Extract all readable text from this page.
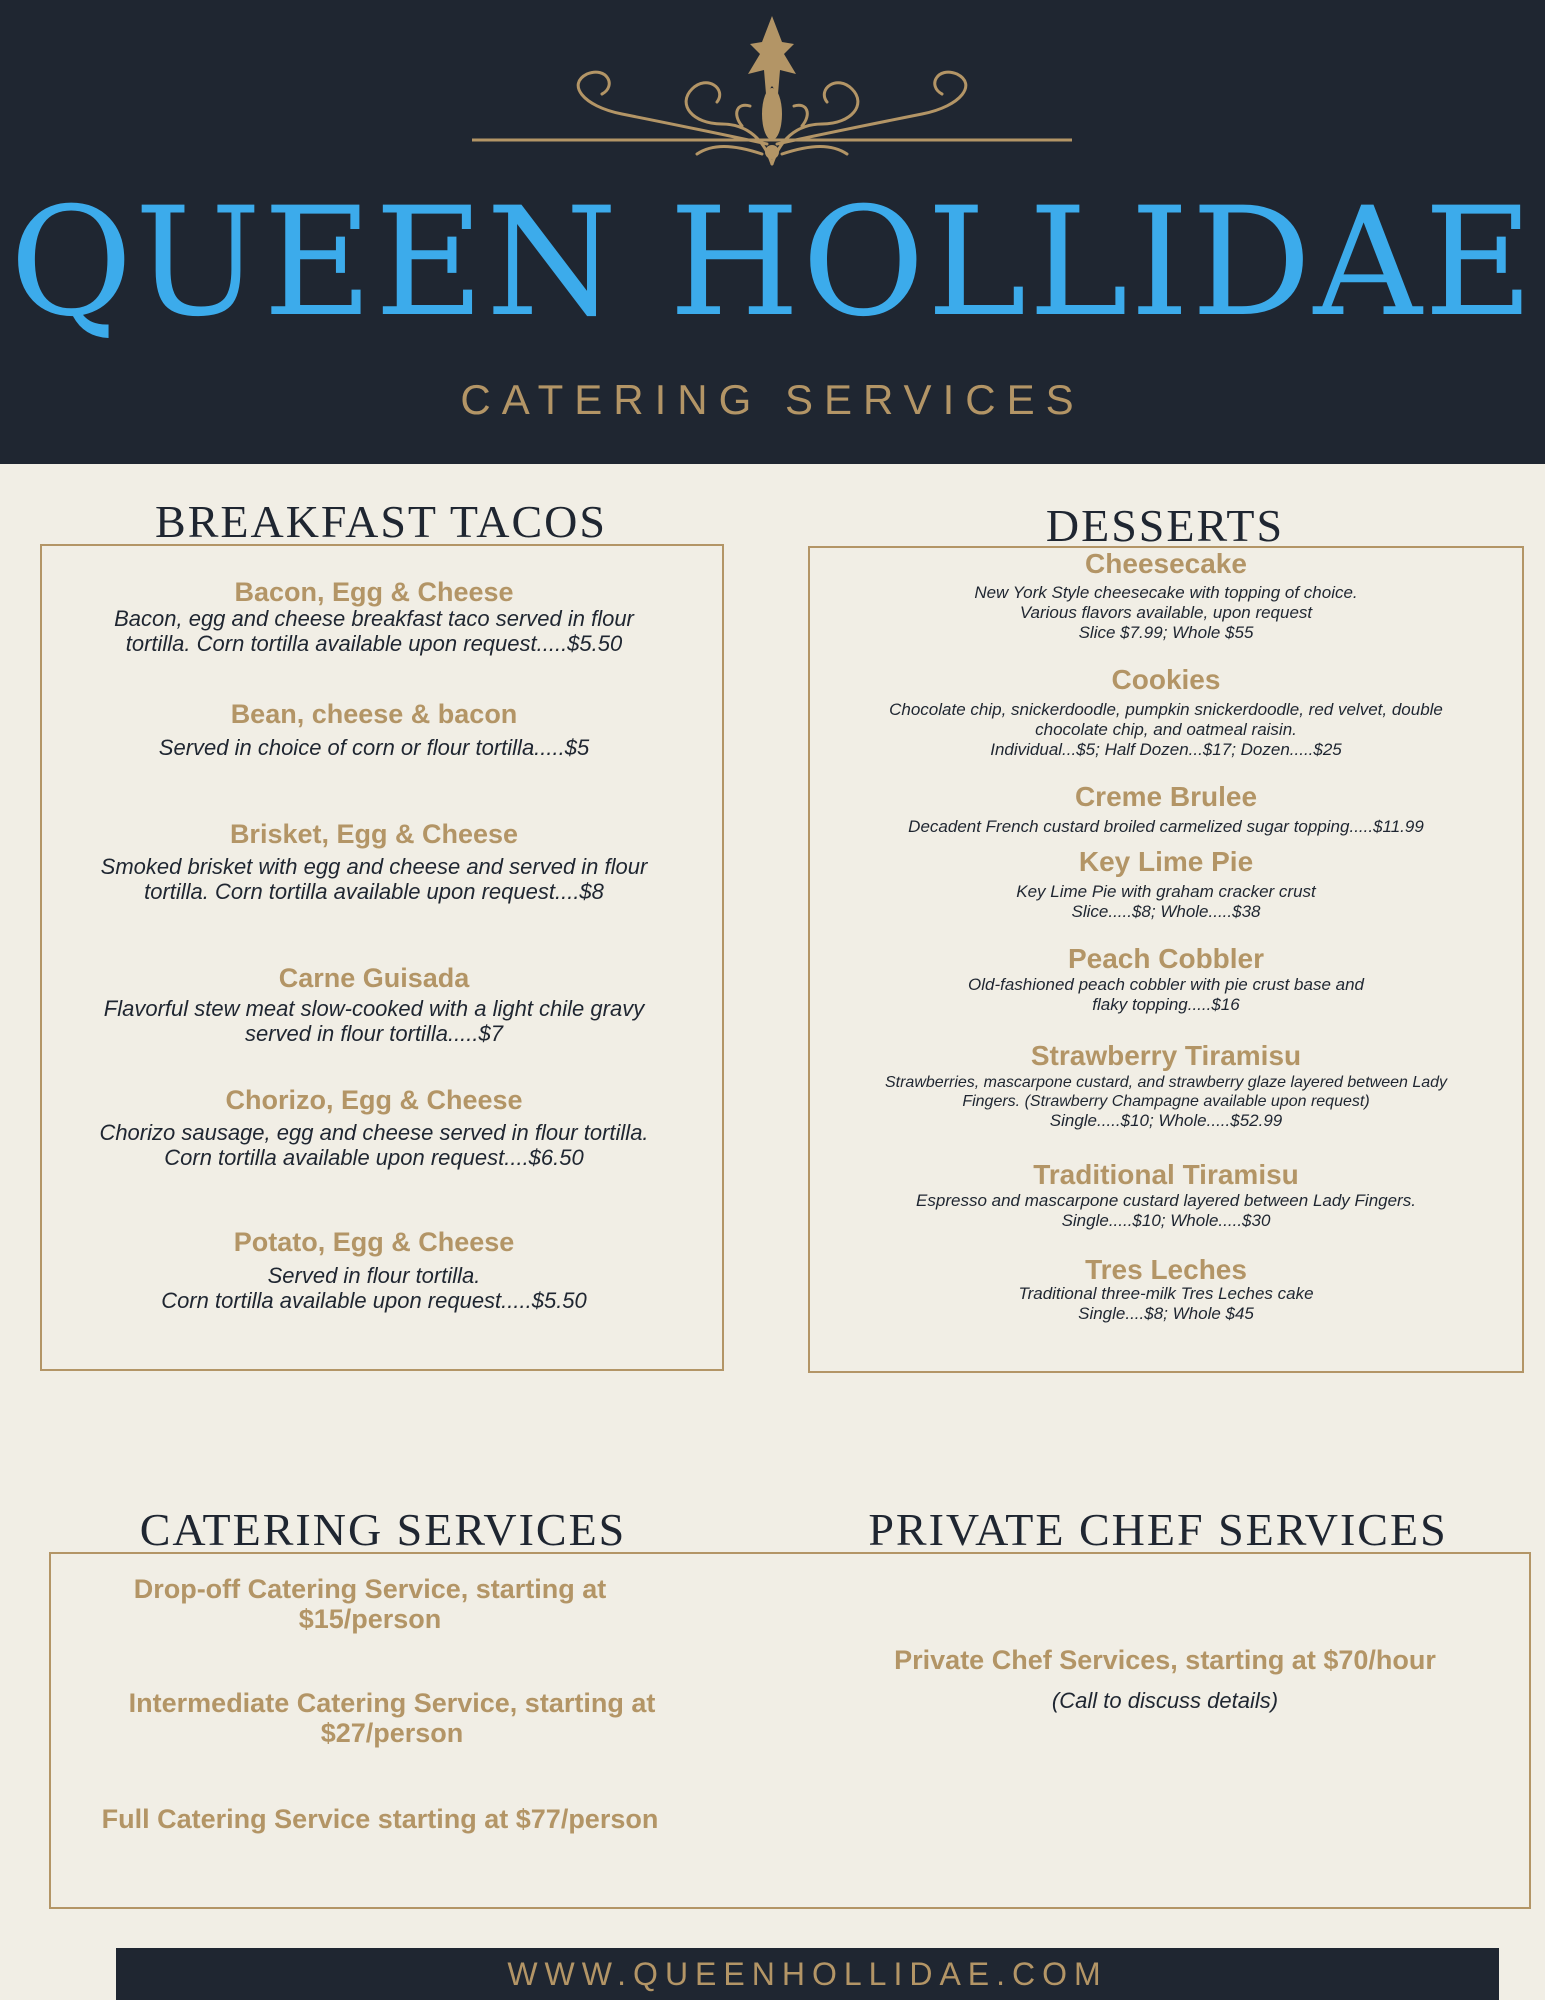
QUEEN HOLLIDAE
CATERING SERVICES
BREAKFAST TACOS
Bacon, Egg & Cheese
Bacon, egg and cheese breakfast taco served in flour
tortilla. Corn tortilla available upon request.....$5.50
Bean, cheese & bacon
Served in choice of corn or flour tortilla.....$5
Brisket, Egg & Cheese
Smoked brisket with egg and cheese and served in flour
tortilla. Corn tortilla available upon request....$8
Carne Guisada
Flavorful stew meat slow-cooked with a light chile gravy
served in flour tortilla.....$7
Chorizo, Egg & Cheese
Chorizo sausage, egg and cheese served in flour tortilla.
Corn tortilla available upon request....$6.50
Potato, Egg & Cheese
Served in flour tortilla.
Corn tortilla available upon request.....$5.50
DESSERTS
Cheesecake
New York Style cheesecake with topping of choice.
Various flavors available, upon request
Slice $7.99; Whole $55
Cookies
Chocolate chip, snickerdoodle, pumpkin snickerdoodle, red velvet, double
chocolate chip, and oatmeal raisin.
Individual...$5; Half Dozen...$17; Dozen.....$25
Creme Brulee
Decadent French custard broiled carmelized sugar topping.....$11.99
Key Lime Pie
Key Lime Pie with graham cracker crust
Slice.....$8; Whole.....$38
Peach Cobbler
Old-fashioned peach cobbler with pie crust base and
flaky topping.....$16
Strawberry Tiramisu
Strawberries, mascarpone custard, and strawberry glaze layered between Lady
Fingers. (Strawberry Champagne available upon request)
Single.....$10; Whole.....$52.99
Traditional Tiramisu
Espresso and mascarpone custard layered between Lady Fingers.
Single.....$10; Whole.....$30
Tres Leches
Traditional three-milk Tres Leches cake
Single....$8; Whole $45
CATERING SERVICES	PRIVATE CHEF SERVICES
Drop-off Catering Service, starting at
$15/person
Intermediate Catering Service, starting at
$27/person
Full Catering Service starting at $77/person
Private Chef Services, starting at $70/hour
(Call to discuss details)
WWW.QUEENHOLLIDAE.COM
